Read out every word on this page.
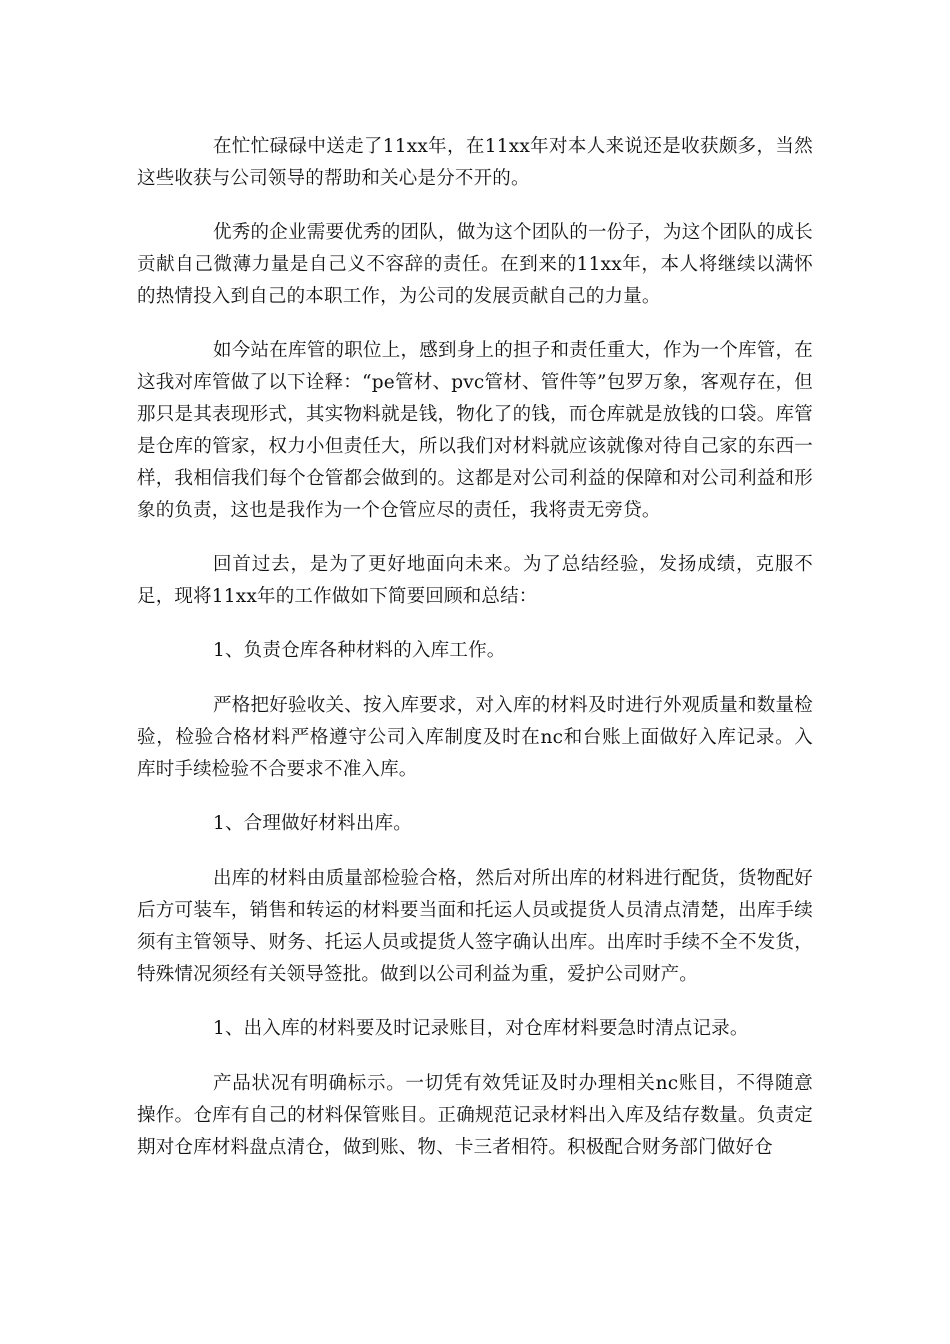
在忙忙碌碌中送走了11xx年，在11xx年对本人来说还是收获颇多，当然这些收获与公司领导的帮助和关心是分不开的。

优秀的企业需要优秀的团队，做为这个团队的一份子，为这个团队的成长贡献自己微薄力量是自己义不容辞的责任。在到来的11xx年，本人将继续以满怀的热情投入到自己的本职工作，为公司的发展贡献自己的力量。

如今站在库管的职位上，感到身上的担子和责任重大，作为一个库管，在这我对库管做了以下诠释：“pe管材、pvc管材、管件等”包罗万象，客观存在，但那只是其表现形式，其实物料就是钱，物化了的钱，而仓库就是放钱的口袋。库管是仓库的管家，权力小但责任大，所以我们对材料就应该就像对待自己家的东西一样，我相信我们每个仓管都会做到的。这都是对公司利益的保障和对公司利益和形象的负责，这也是我作为一个仓管应尽的责任，我将责无旁贷。

回首过去，是为了更好地面向未来。为了总结经验，发扬成绩，克服不足，现将11xx年的工作做如下简要回顾和总结：

1、负责仓库各种材料的入库工作。

严格把好验收关、按入库要求，对入库的材料及时进行外观质量和数量检验，检验合格材料严格遵守公司入库制度及时在nc和台账上面做好入库记录。入库时手续检验不合要求不准入库。

1、合理做好材料出库。

出库的材料由质量部检验合格，然后对所出库的材料进行配货，货物配好后方可装车，销售和转运的材料要当面和托运人员或提货人员清点清楚，出库手续须有主管领导、财务、托运人员或提货人签字确认出库。出库时手续不全不发货，特殊情况须经有关领导签批。做到以公司利益为重，爱护公司财产。

1、出入库的材料要及时记录账目，对仓库材料要急时清点记录。

产品状况有明确标示。一切凭有效凭证及时办理相关nc账目，不得随意操作。仓库有自己的材料保管账目。正确规范记录材料出入库及结存数量。负责定期对仓库材料盘点清仓，做到账、物、卡三者相符。积极配合财务部门做好仓
